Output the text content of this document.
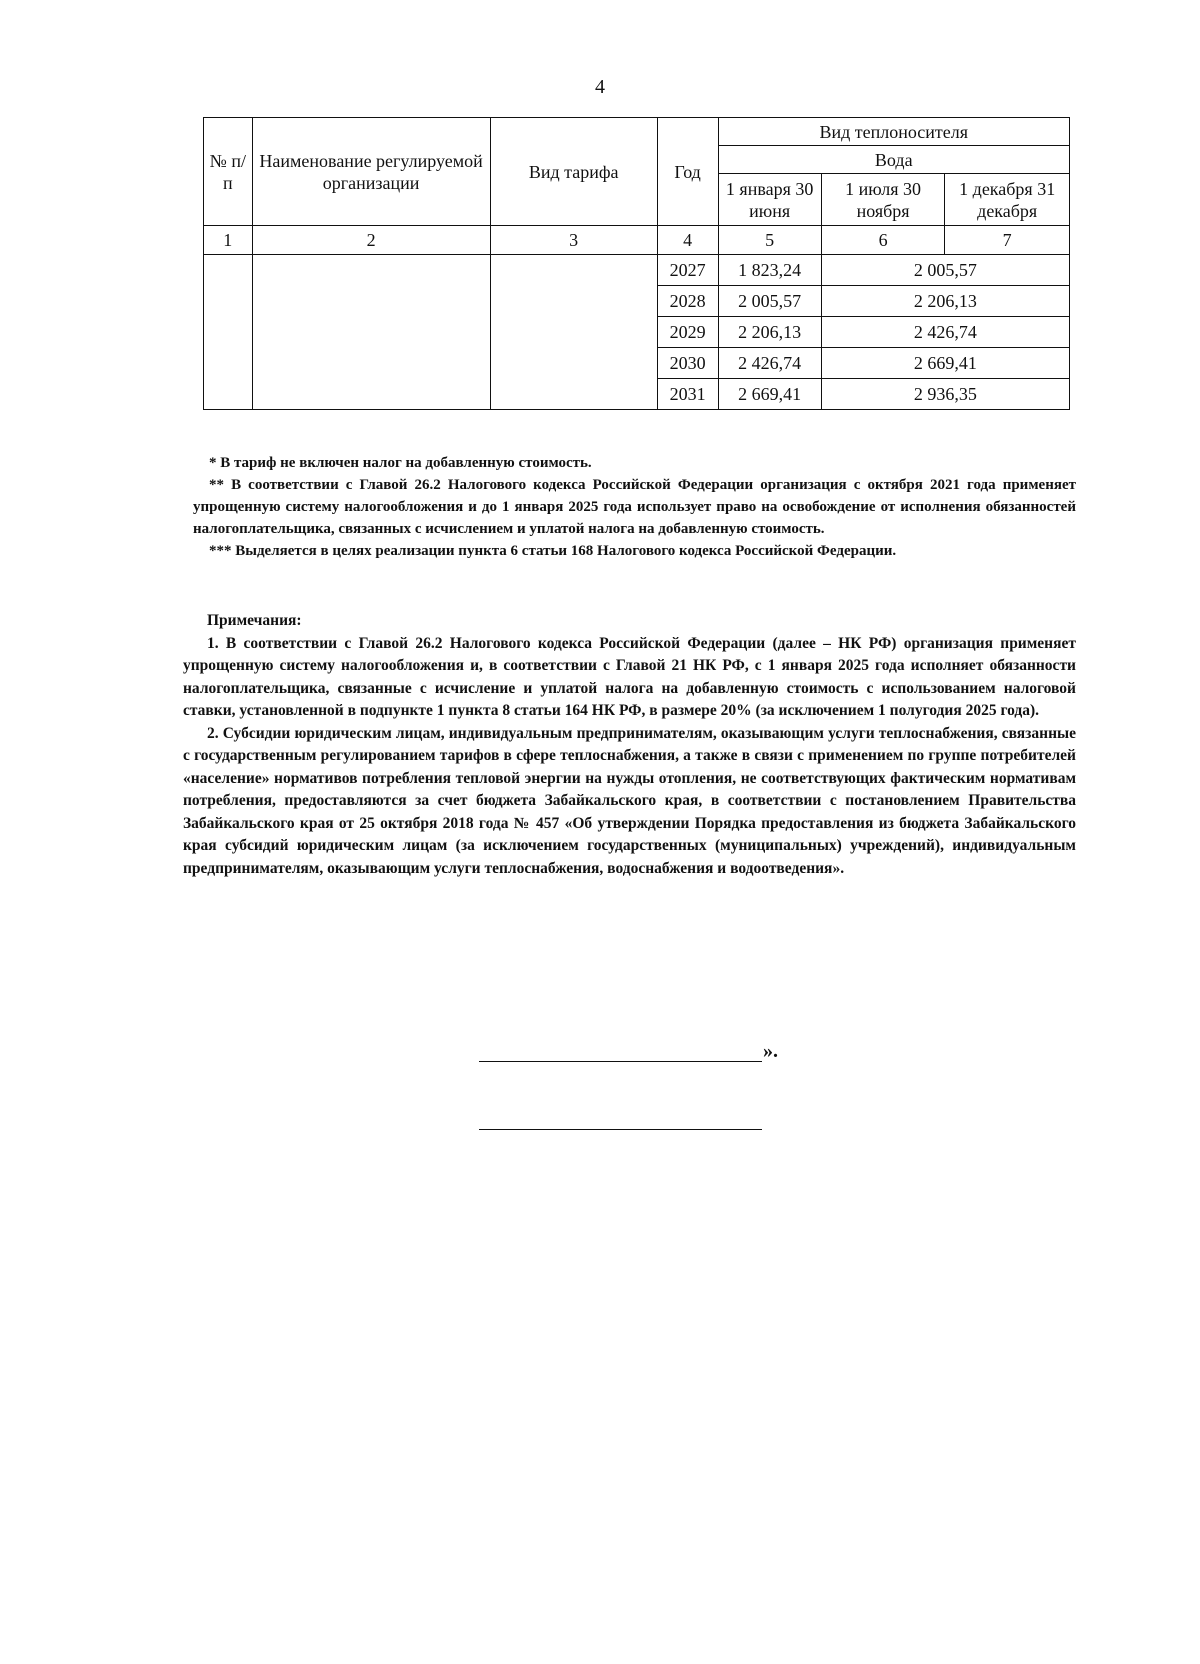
4
№ п/п	Наименование регулируемой организации	Вид тарифа	Год	Вид теплоносителя		
				Вода		
				1 января 30 июня	1 июля 30 ноября	1 декабря 31 декабря
1	2	3	4	5	6	7
			2027	1 823,24	2 005,57	
			2028	2 005,57	2 206,13	
			2029	2 206,13	2 426,74	
			2030	2 426,74	2 669,41	
			2031	2 669,41	2 936,35	

* В тариф не включен налог на добавленную стоимость.

** В соответствии с Главой 26.2 Налогового кодекса Российской Федерации организация с октября 2021 года применяет упрощенную систему налогообложения и до 1 января 2025 года использует право на освобождение от исполнения обязанностей налогоплательщика, связанных с исчислением и уплатой налога на добавленную стоимость.

*** Выделяется в целях реализации пункта 6 статьи 168 Налогового кодекса Российской Федерации.

Примечания:

1. В соответствии с Главой 26.2 Налогового кодекса Российской Федерации (далее – НК РФ) организация применяет упрощенную систему налогообложения и, в соответствии с Главой 21 НК РФ, с 1 января 2025 года исполняет обязанности налогоплательщика, связанные с исчисление и уплатой налога на добавленную стоимость с использованием налоговой ставки, установленной в подпункте 1 пункта 8 статьи 164 НК РФ, в размере 20% (за исключением 1 полугодия 2025 года).

2. Субсидии юридическим лицам, индивидуальным предпринимателям, оказывающим услуги теплоснабжения, связанные с государственным регулированием тарифов в сфере теплоснабжения, а также в связи с применением по группе потребителей «население» нормативов потребления тепловой энергии на нужды отопления, не соответствующих фактическим нормативам потребления, предоставляются за счет бюджета Забайкальского края, в соответствии с постановлением Правительства Забайкальского края от 25 октября 2018 года № 457 «Об утверждении Порядка предоставления из бюджета Забайкальского края субсидий юридическим лицам (за исключением государственных (муниципальных) учреждений), индивидуальным предпринимателям, оказывающим услуги теплоснабжения, водоснабжения и водоотведения».

».
